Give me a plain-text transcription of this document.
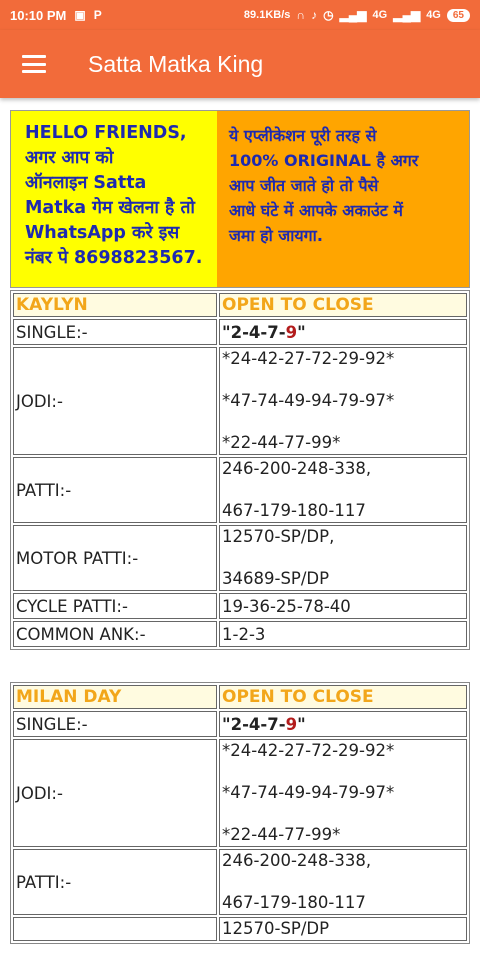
10:10 PM ▣ P	89.1KB/s ∩ ♪ ◷ ▂▄▆ 4G ▂▄▆ 4G	65
Satta Matka King
HELLO FRIENDS,
अगर आप को
ऑनलाइन Satta
Matka गेम खेलना है तो
WhatsApp करे इस
नंबर पे 8698823567.
ये एप्लीकेशन पूरी तरह से
100% ORIGINAL है अगर
आप जीत जाते हो तो पैसे
आधे घंटे में आपके अकाउंट में
जमा हो जायगा.
KAYLYN	OPEN TO CLOSE
SINGLE:-	"2-4-7-9"
JODI:-	*24-42-27-72-29-92*
*47-74-49-94-79-97*
*22-44-77-99*

PATTI:-	246-200-248-338,
467-179-180-117

MOTOR PATTI:-	12570-SP/DP,
34689-SP/DP

CYCLE PATTI:-	19-36-25-78-40
COMMON ANK:-	1-2-3
MILAN DAY	OPEN TO CLOSE
SINGLE:-	"2-4-7-9"
JODI:-	*24-42-27-72-29-92*
*47-74-49-94-79-97*
*22-44-77-99*

PATTI:-	246-200-248-338,
467-179-180-117

	12570-SP/DP
